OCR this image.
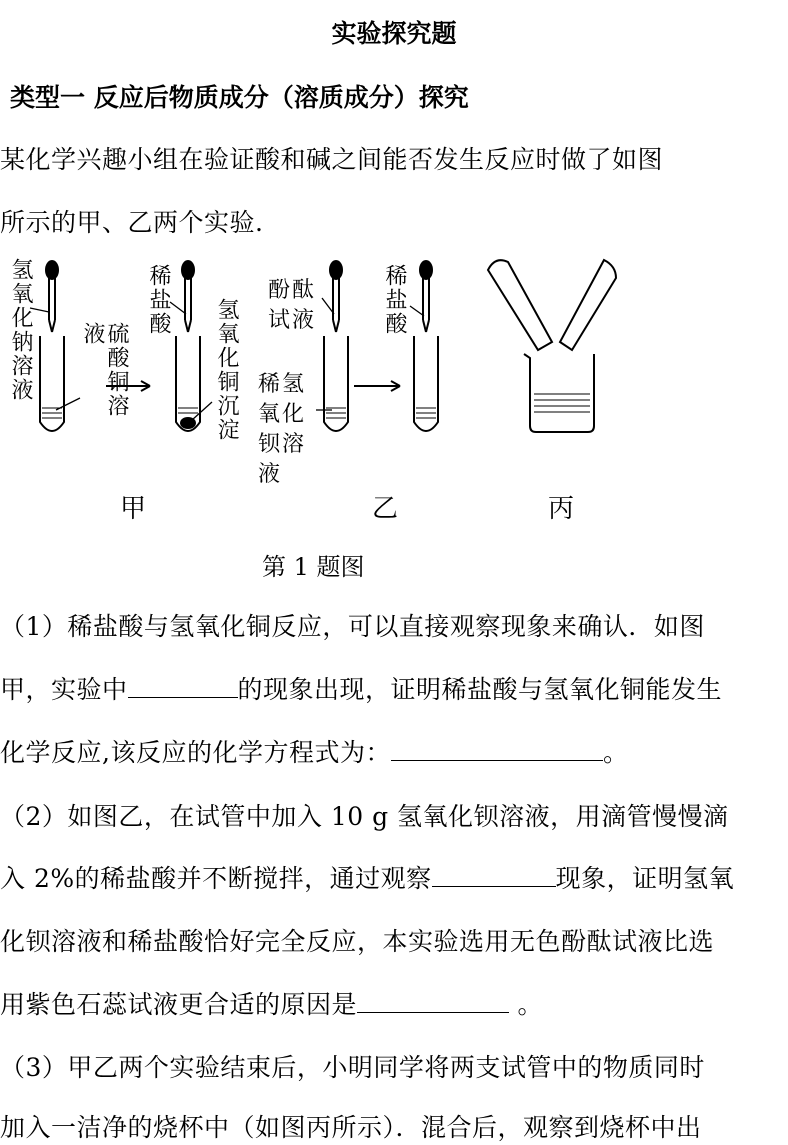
实验探究题
类型一 反应后物质成分（溶质成分）探究
某化学兴趣小组在验证酸和碱之间能否发生反应时做了如图
所示的甲、乙两个实验.
氢氧化钠溶液	硫酸铜溶液	稀盐酸 氢氧化铜沉淀
酚酞试液
稀氢氧化钡溶液
稀盐酸
甲	乙	丙
第 1 题图
（1）稀盐酸与氢氧化铜反应，可以直接观察现象来确认．如图
甲，实验中	的现象出现，证明稀盐酸与氢氧化铜能发生
化学反应,该反应的化学方程式为：	。
（2）如图乙，在试管中加入 10 g 氢氧化钡溶液，用滴管慢慢滴
入 2%的稀盐酸并不断搅拌，通过观察	现象，证明氢氧
化钡溶液和稀盐酸恰好完全反应，本实验选用无色酚酞试液比选
用紫色石蕊试液更合适的原因是	。
（3）甲乙两个实验结束后，小明同学将两支试管中的物质同时
加入一洁净的烧杯中（如图丙所示）．混合后，观察到烧杯中出
